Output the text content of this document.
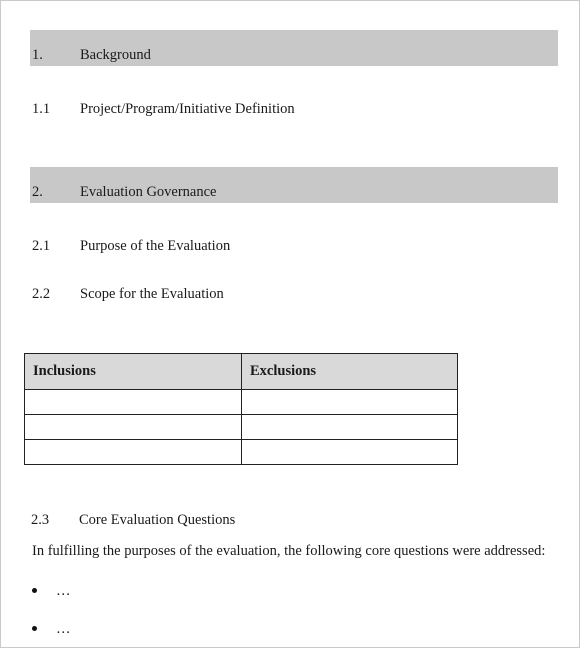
1.	Background
1.1 Project/Program/Initiative Definition
2.	Evaluation Governance
2.1 Purpose of the Evaluation
2.2 Scope for the Evaluation
Inclusions	Exclusions

2.3 Core Evaluation Questions
In fulfilling the purposes of the evaluation, the following core questions were addressed:
…
…
